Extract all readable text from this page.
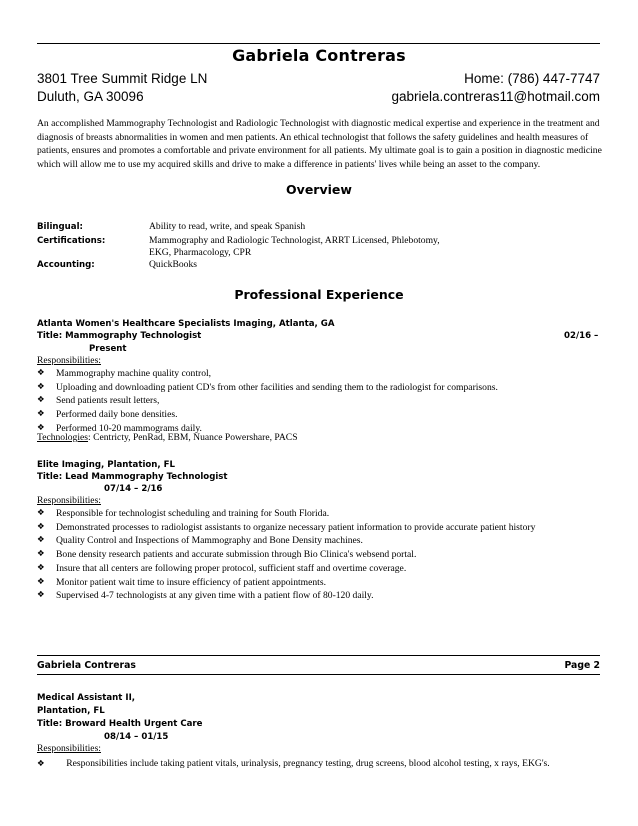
Gabriela Contreras
3801 Tree Summit Ridge LN	Home: (786) 447-7747
Duluth, GA 30096	gabriela.contreras11@hotmail.com
An accomplished Mammography Technologist and Radiologic Technologist with diagnostic medical expertise and experience in the treatment and diagnosis of breasts abnormalities in women and men patients. An ethical technologist that follows the safety guidelines and health measures of patients, ensures and promotes a comfortable and private environment for all patients. My ultimate goal is to gain a position in diagnostic medicine which will allow me to use my acquired skills and drive to make a difference in patients' lives while being an asset to the company.
Overview
Bilingual:	Ability to read, write, and speak Spanish
Certifications:	Mammography and Radiologic Technologist, ARRT Licensed, Phlebotomy,
EKG, Pharmacology, CPR
Accounting:	QuickBooks
Professional Experience
Atlanta Women's Healthcare Specialists Imaging, Atlanta, GA
Title: Mammography Technologist	02/16 –
Present
Responsibilities:
❖ Mammography machine quality control,
❖ Uploading and downloading patient CD's from other facilities and sending them to the radiologist for comparisons.
❖ Send patients result letters,
❖ Performed daily bone densities.
❖ Performed 10-20 mammograms daily.
Technologies: Centricty, PenRad, EBM, Nuance Powershare, PACS
Elite Imaging, Plantation, FL
Title: Lead Mammography Technologist
07/14 – 2/16
Responsibilities:
❖ Responsible for technologist scheduling and training for South Florida.
❖ Demonstrated processes to radiologist assistants to organize necessary patient information to provide accurate patient history
❖ Quality Control and Inspections of Mammography and Bone Density machines.
❖ Bone density research patients and accurate submission through Bio Clinica's websend portal.
❖ Insure that all centers are following proper protocol, sufficient staff and overtime coverage.
❖ Monitor patient wait time to insure efficiency of patient appointments.
❖ Supervised 4-7 technologists at any given time with a patient flow of 80-120 daily.
Gabriela Contreras	Page 2
Medical Assistant II,
Plantation, FL
Title: Broward Health Urgent Care
08/14 – 01/15
Responsibilities:
❖ Responsibilities include taking patient vitals, urinalysis, pregnancy testing, drug screens, blood alcohol testing, x rays, EKG's.
